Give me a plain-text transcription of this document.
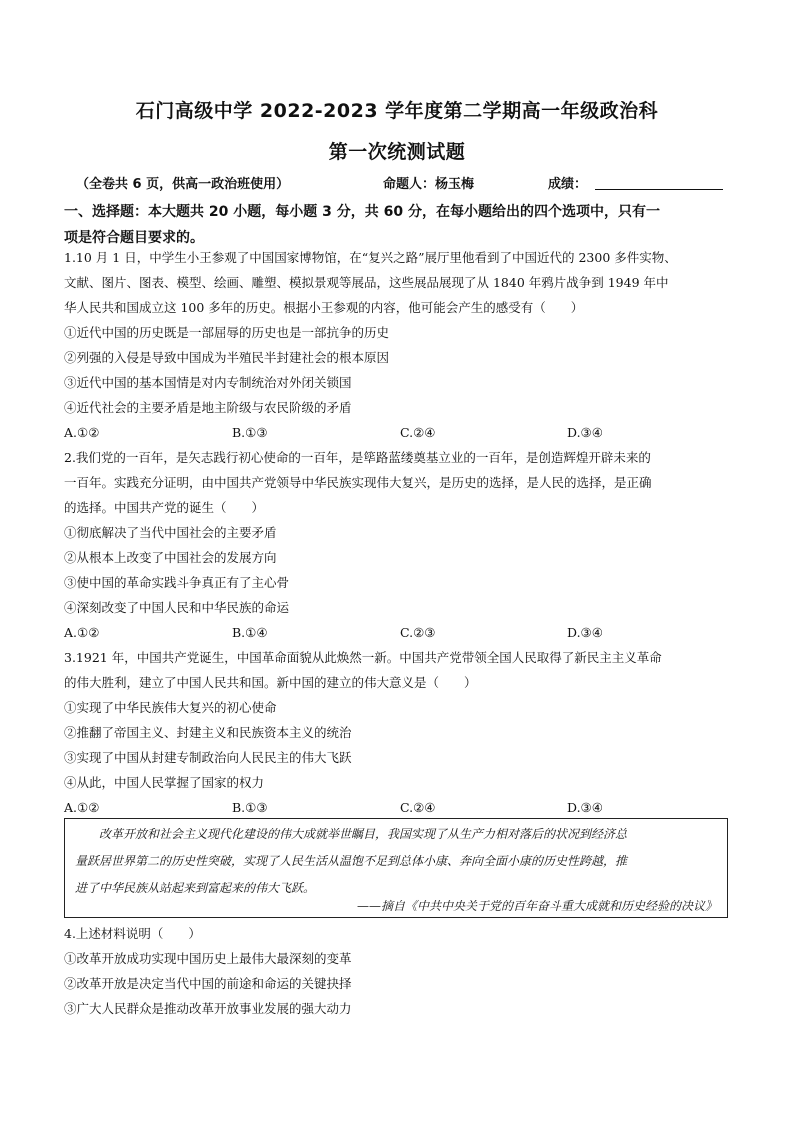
石门高级中学 2022-2023 学年度第二学期高一年级政治科
第一次统测试题
（全卷共 6 页，供高一政治班使用）	命题人：杨玉梅	成绩：
一、选择题：本大题共 20 小题，每小题 3 分，共 60 分，在每小题给出的四个选项中，只有一
项是符合题目要求的。
1.10 月 1 日，中学生小王参观了中国国家博物馆，在“复兴之路”展厅里他看到了中国近代的 2300 多件实物、
文献、图片、图表、模型、绘画、雕塑、模拟景观等展品，这些展品展现了从 1840 年鸦片战争到 1949 年中
华人民共和国成立这 100 多年的历史。根据小王参观的内容，他可能会产生的感受有（　　）
①近代中国的历史既是一部屈辱的历史也是一部抗争的历史
②列强的入侵是导致中国成为半殖民半封建社会的根本原因
③近代中国的基本国情是对内专制统治对外闭关锁国
④近代社会的主要矛盾是地主阶级与农民阶级的矛盾
A.①②	B.①③	C.②④	D.③④
2.我们党的一百年，是矢志践行初心使命的一百年，是筚路蓝缕奠基立业的一百年，是创造辉煌开辟未来的
一百年。实践充分证明，由中国共产党领导中华民族实现伟大复兴，是历史的选择，是人民的选择，是正确
的选择。中国共产党的诞生（　　）
①彻底解决了当代中国社会的主要矛盾
②从根本上改变了中国社会的发展方向
③使中国的革命实践斗争真正有了主心骨
④深刻改变了中国人民和中华民族的命运
A.①②	B.①④	C.②③	D.③④
3.1921 年，中国共产党诞生，中国革命面貌从此焕然一新。中国共产党带领全国人民取得了新民主主义革命
的伟大胜利，建立了中国人民共和国。新中国的建立的伟大意义是（　　）
①实现了中华民族伟大复兴的初心使命
②推翻了帝国主义、封建主义和民族资本主义的统治
③实现了中国从封建专制政治向人民民主的伟大飞跃
④从此，中国人民掌握了国家的权力
A.①②	B.①③	C.②④	D.③④
　　改革开放和社会主义现代化建设的伟大成就举世瞩目，我国实现了从生产力相对落后的状况到经济总
量跃居世界第二的历史性突破，实现了人民生活从温饱不足到总体小康、奔向全面小康的历史性跨越，推
进了中华民族从站起来到富起来的伟大飞跃。
——摘自《中共中央关于党的百年奋斗重大成就和历史经验的决议》
4.上述材料说明（　　）
①改革开放成功实现中国历史上最伟大最深刻的变革
②改革开放是决定当代中国的前途和命运的关键抉择
③广大人民群众是推动改革开放事业发展的强大动力
